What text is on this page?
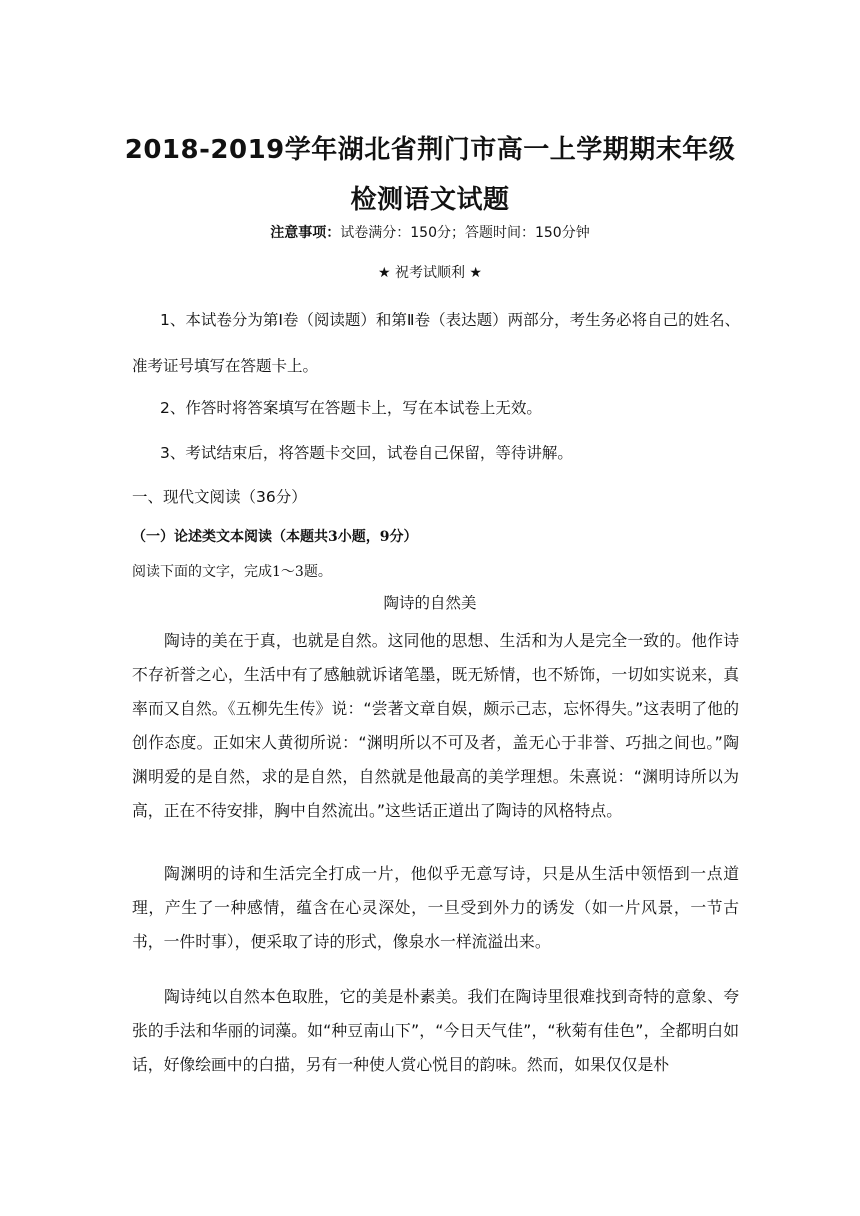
2018-2019学年湖北省荆门市高一上学期期末年级检测语文试题
注意事项：试卷满分：150分；答题时间：150分钟
★ 祝考试顺利 ★
1、本试卷分为第Ⅰ卷（阅读题）和第Ⅱ卷（表达题）两部分，考生务必将自己的姓名、准考证号填写在答题卡上。
2、作答时将答案填写在答题卡上，写在本试卷上无效。
3、考试结束后，将答题卡交回，试卷自己保留，等待讲解。
一、现代文阅读（36分）
（一）论述类文本阅读（本题共3小题，9分）
阅读下面的文字，完成1～3题。
陶诗的自然美
陶诗的美在于真，也就是自然。这同他的思想、生活和为人是完全一致的。他作诗不存祈誉之心，生活中有了感触就诉诸笔墨，既无矫情，也不矫饰，一切如实说来，真率而又自然。《五柳先生传》说：“尝著文章自娱，颇示己志，忘怀得失。”这表明了他的创作态度。正如宋人黄彻所说：“渊明所以不可及者，盖无心于非誉、巧拙之间也。”陶渊明爱的是自然，求的是自然，自然就是他最高的美学理想。朱熹说：“渊明诗所以为高，正在不待安排，胸中自然流出。”这些话正道出了陶诗的风格特点。
陶渊明的诗和生活完全打成一片，他似乎无意写诗，只是从生活中领悟到一点道理，产生了一种感情，蕴含在心灵深处，一旦受到外力的诱发（如一片风景，一节古书，一件时事），便采取了诗的形式，像泉水一样流溢出来。
陶诗纯以自然本色取胜，它的美是朴素美。我们在陶诗里很难找到奇特的意象、夸张的手法和华丽的词藻。如“种豆南山下”，“今日天气佳”，“秋菊有佳色”，全都明白如话，好像绘画中的白描，另有一种使人赏心悦目的韵味。然而，如果仅仅是朴
